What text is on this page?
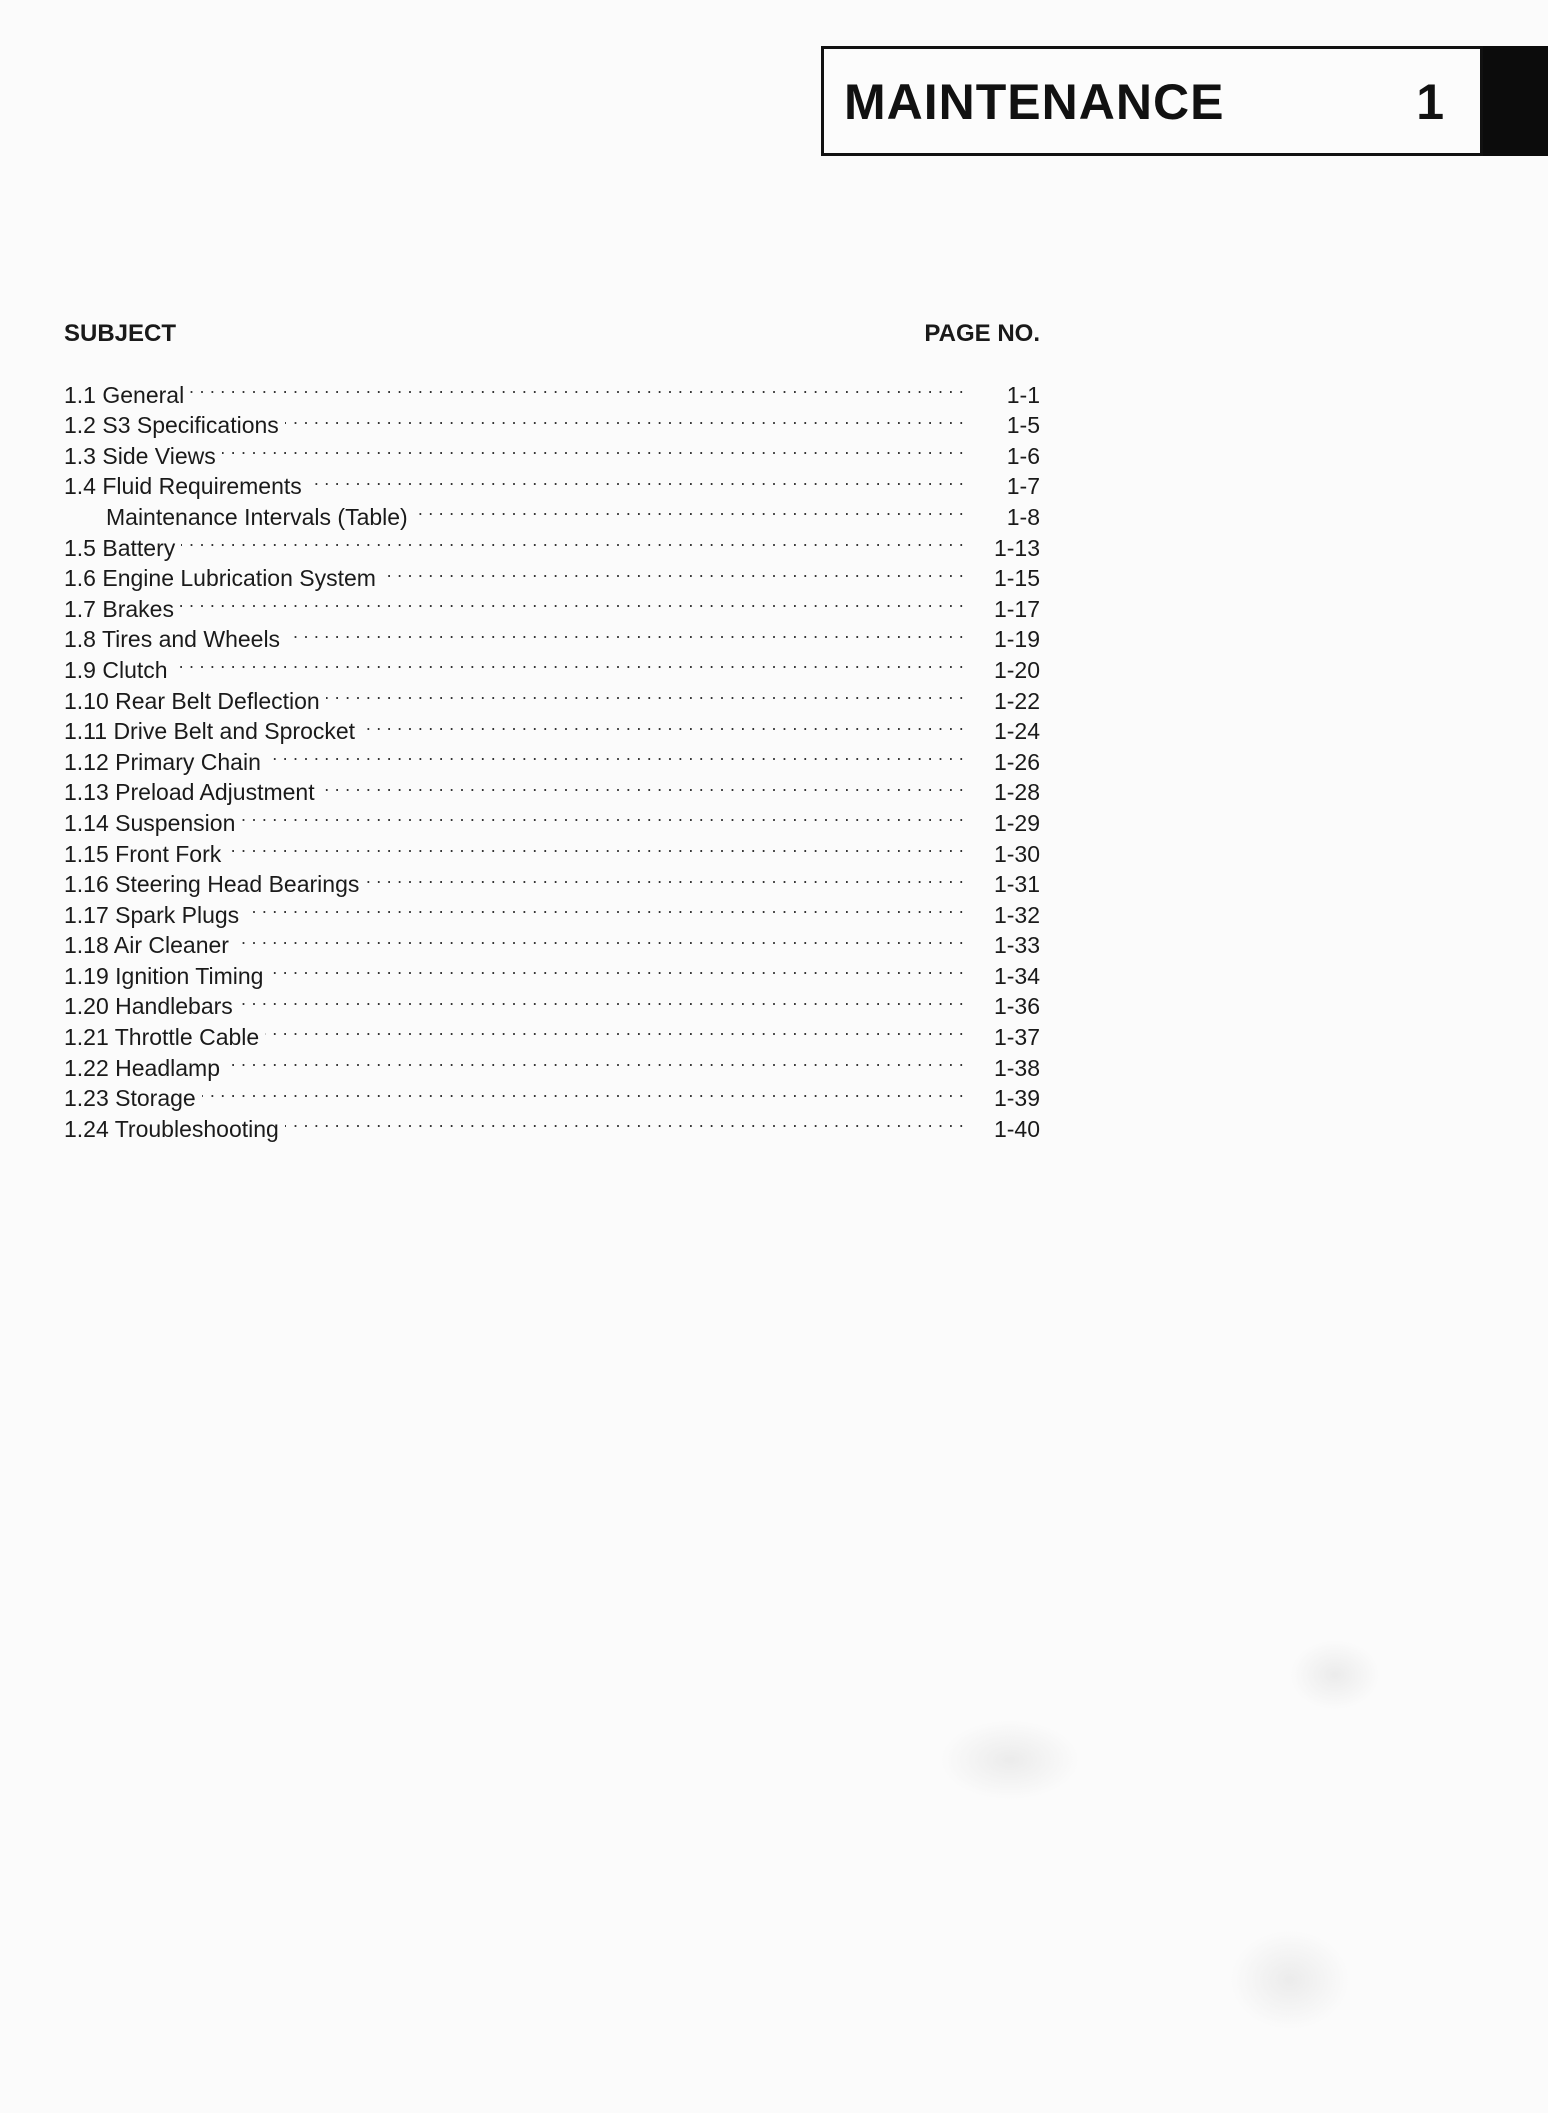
MAINTENANCE	1
SUBJECT	PAGE NO.
1.1 General . . .	1-1
1.2 S3 Specifications . . .	1-5
1.3 Side Views . . .	1-6
1.4 Fluid Requirements . . .	1-7
Maintenance Intervals (Table) . . .	1-8
1.5 Battery . . .	1-13
1.6 Engine Lubrication System . . .	1-15
1.7 Brakes . . .	1-17
1.8 Tires and Wheels . . .	1-19
1.9 Clutch . . .	1-20
1.10 Rear Belt Deflection . . .	1-22
1.11 Drive Belt and Sprocket . . .	1-24
1.12 Primary Chain . . .	1-26
1.13 Preload Adjustment . . .	1-28
1.14 Suspension . . .	1-29
1.15 Front Fork . . .	1-30
1.16 Steering Head Bearings . . .	1-31
1.17 Spark Plugs . . .	1-32
1.18 Air Cleaner . . .	1-33
1.19 Ignition Timing . . .	1-34
1.20 Handlebars . . .	1-36
1.21 Throttle Cable . . .	1-37
1.22 Headlamp . . .	1-38
1.23 Storage . . .	1-39
1.24 Troubleshooting . . .	1-40
